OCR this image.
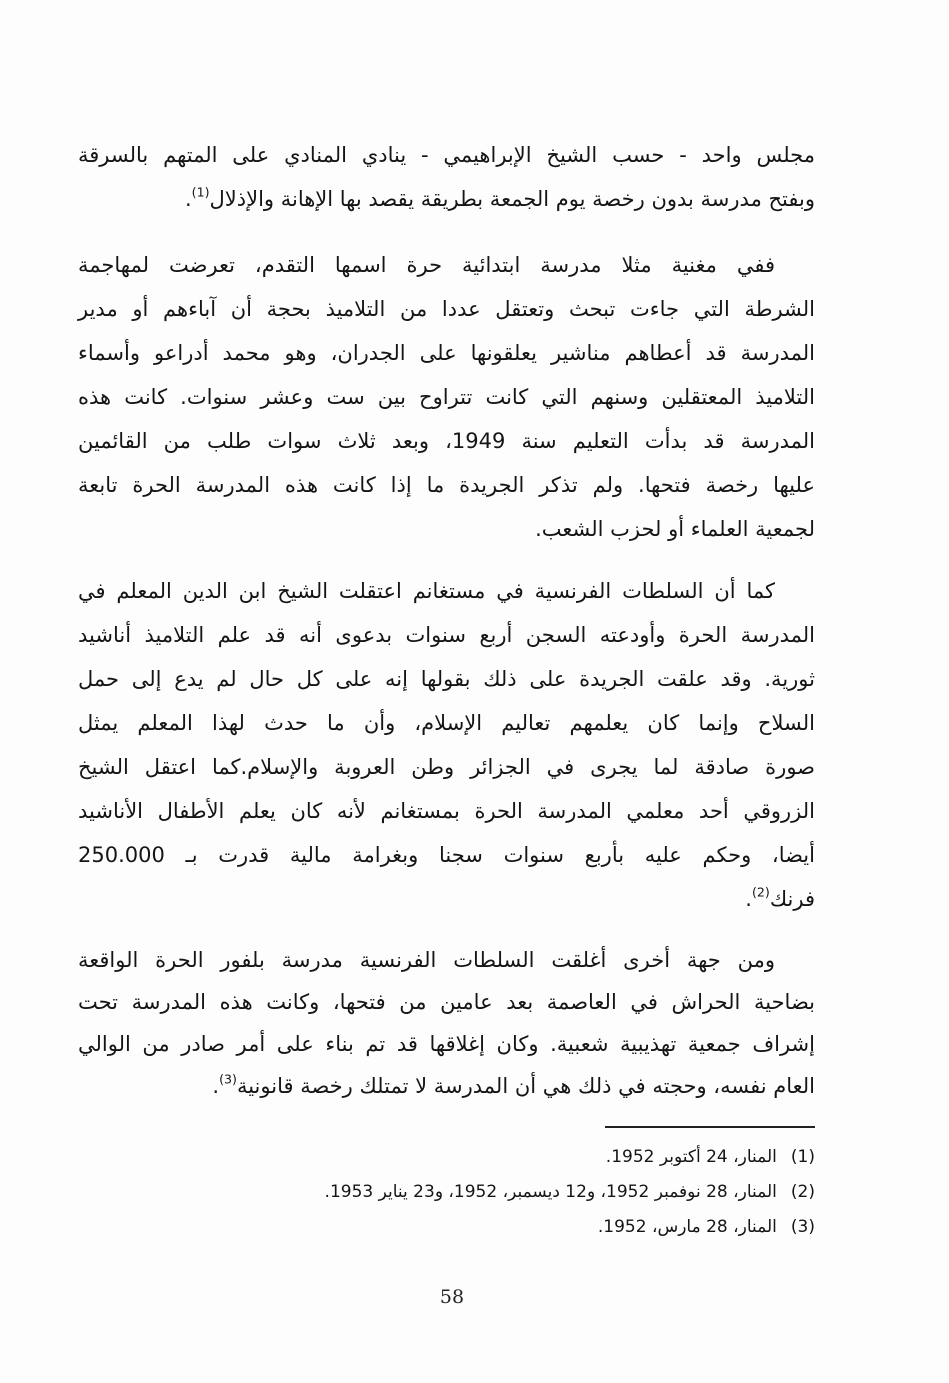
مجلس واحد - حسب الشيخ الإبراهيمي - ينادي المنادي على المتهم بالسرقة
وبفتح مدرسة بدون رخصة يوم الجمعة بطريقة يقصد بها الإهانة والإذلال$^{(1)}$.
ففي مغنية مثلا مدرسة ابتدائية حرة اسمها التقدم، تعرضت لمهاجمة
الشرطة التي جاءت تبحث وتعتقل عددا من التلاميذ بحجة أن آباءهم أو مدير
المدرسة قد أعطاهم مناشير يعلقونها على الجدران، وهو محمد أدراعو وأسماء
التلاميذ المعتقلين وسنهم التي كانت تتراوح بين ست وعشر سنوات. كانت هذه
المدرسة قد بدأت التعليم سنة 1949، وبعد ثلاث سوات طلب من القائمين
عليها رخصة فتحها. ولم تذكر الجريدة ما إذا كانت هذه المدرسة الحرة تابعة
لجمعية العلماء أو لحزب الشعب.
كما أن السلطات الفرنسية في مستغانم اعتقلت الشيخ ابن الدين المعلم في
المدرسة الحرة وأودعته السجن أربع سنوات بدعوى أنه قد علم التلاميذ أناشيد
ثورية. وقد علقت الجريدة على ذلك بقولها إنه على كل حال لم يدع إلى حمل
السلاح وإنما كان يعلمهم تعاليم الإسلام، وأن ما حدث لهذا المعلم يمثل
صورة صادقة لما يجرى في الجزائر وطن العروبة والإسلام.كما اعتقل الشيخ
الزروقي أحد معلمي المدرسة الحرة بمستغانم لأنه كان يعلم الأطفال الأناشيد
أيضا، وحكم عليه بأربع سنوات سجنا وبغرامة مالية قدرت بـ 250.000
فرنك$^{(2)}$.
ومن جهة أخرى أغلقت السلطات الفرنسية مدرسة بلفور الحرة الواقعة
بضاحية الحراش في العاصمة بعد عامين من فتحها، وكانت هذه المدرسة تحت
إشراف جمعية تهذيبية شعبية. وكان إغلاقها قد تم بناء على أمر صادر من الوالي
العام نفسه، وحجته في ذلك هي أن المدرسة لا تمتلك رخصة قانونية$^{(3)}$.
(1)المنار، 24 أكتوبر 1952.
(2)المنار، 28 نوفمبر 1952، و12 ديسمبر، 1952، و23 يناير 1953.
(3)المنار، 28 مارس، 1952.
58
